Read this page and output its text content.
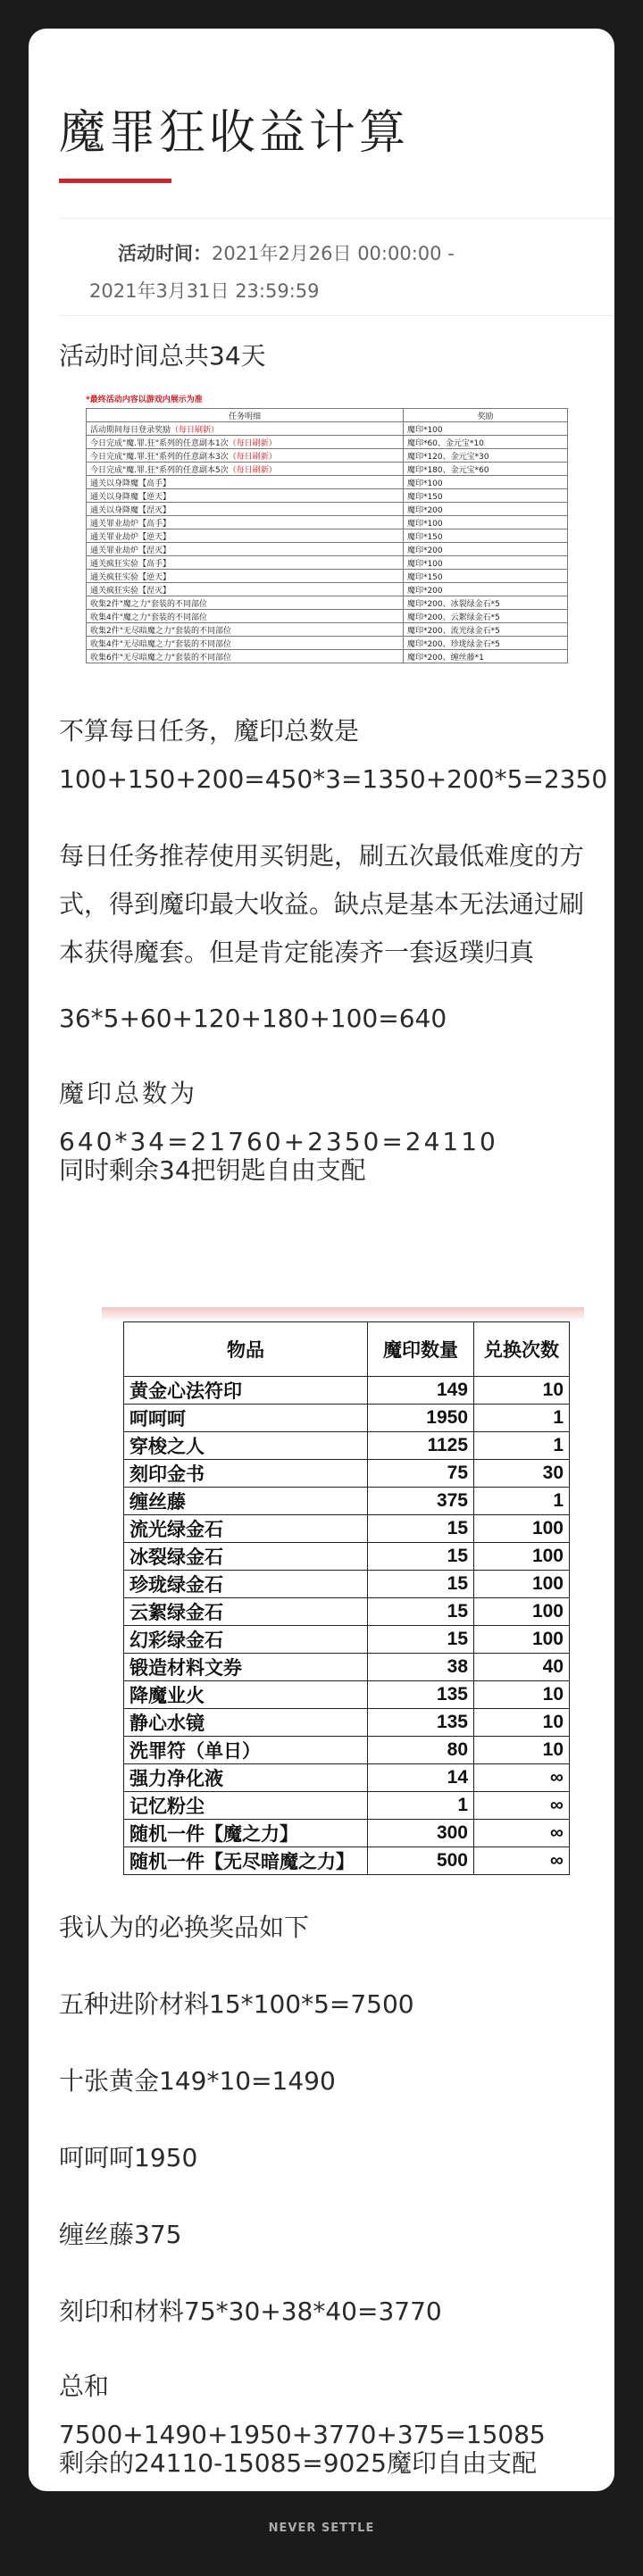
魔罪狂收益计算
活动时间：2021年2月26日 00:00:00 -
2021年3月31日 23:59:59

活动时间总共34天

*最终活动内容以游戏内展示为准
任务明细	奖励
活动期间每日登录奖励（每日刷新）	魔印*100
今日完成"魔.罪.狂"系列的任意副本1次（每日刷新）	魔印*60、金元宝*10
今日完成"魔.罪.狂"系列的任意副本3次（每日刷新）	魔印*120、金元宝*30
今日完成"魔.罪.狂"系列的任意副本5次（每日刷新）	魔印*180、金元宝*60
通关以身降魔【高手】	魔印*100
通关以身降魔【逆天】	魔印*150
通关以身降魔【涅灭】	魔印*200
通关罪业劫炉【高手】	魔印*100
通关罪业劫炉【逆天】	魔印*150
通关罪业劫炉【涅灭】	魔印*200
通关疯狂实验【高手】	魔印*100
通关疯狂实验【逆天】	魔印*150
通关疯狂实验【涅灭】	魔印*200
收集2件"魔之力"套装的不同部位	魔印*200、冰裂绿金石*5
收集4件"魔之力"套装的不同部位	魔印*200、云絮绿金石*5
收集2件"无尽暗魔之力"套装的不同部位	魔印*200、流光绿金石*5
收集4件"无尽暗魔之力"套装的不同部位	魔印*200、珍珑绿金石*5
收集6件"无尽暗魔之力"套装的不同部位	魔印*200、缠丝藤*1

不算每日任务，魔印总数是100+150+200=450*3=1350+200*5=2350

每日任务推荐使用买钥匙，刷五次最低难度的方式，得到魔印最大收益。缺点是基本无法通过刷本获得魔套。但是肯定能凑齐一套返璞归真

36*5+60+120+180+100=640

魔印总数为640*34=21760+2350=24110

同时剩余34把钥匙自由支配

物品	魔印数量	兑换次数
黄金心法符印	149	10
呵呵呵	1950	1
穿梭之人	1125	1
刻印金书	75	30
缠丝藤	375	1
流光绿金石	15	100
冰裂绿金石	15	100
珍珑绿金石	15	100
云絮绿金石	15	100
幻彩绿金石	15	100
锻造材料文券	38	40
降魔业火	135	10
静心水镜	135	10
洗罪符（单日）	80	10
强力净化液	14	∞
记忆粉尘	1	∞
随机一件【魔之力】	300	∞
随机一件【无尽暗魔之力】	500	∞

我认为的必换奖品如下

五种进阶材料15*100*5=7500

十张黄金149*10=1490

呵呵呵1950

缠丝藤375

刻印和材料75*30+38*40=3770

总和7500+1490+1950+3770+375=15085

剩余的24110-15085=9025魔印自由支配

NEVER SETTLE
